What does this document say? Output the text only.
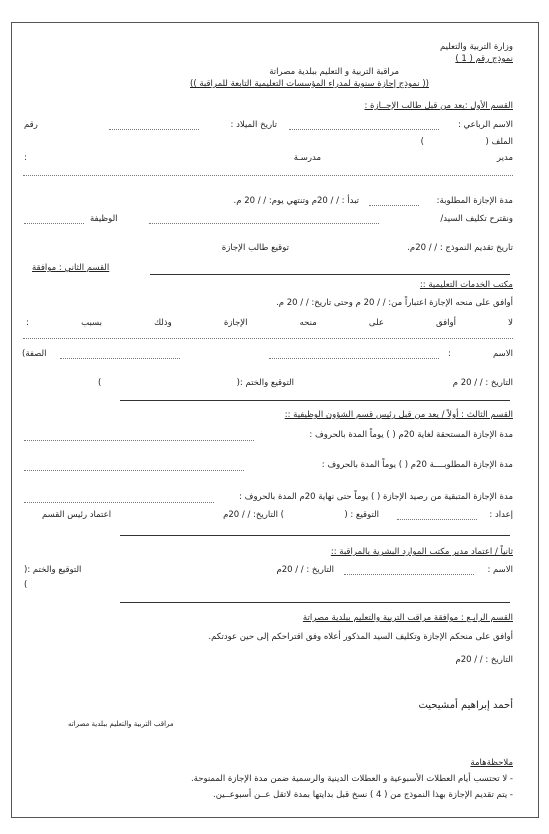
وزارة التربية والتعليم
نموذج رقم ( 1 )
مراقبة التربية و التعليم ببلدية مصراتة
(( نموذج إجازة سنوية لمدراء المؤسسات التعليمية التابعة للمراقبة ))
القسم الأول :يعد من قبل طالب الإجــازة :
الاسم الرباعي :
تاريخ الميلاد :
رقم
الملف (
)
مدير
مدرسـة
:
مدة الإجازة المطلوبة:
تبدأ : / / 20م وتنتهي يوم: / / 20 م.
ونقترح تكليف السيد/
الوظيفة
تاريخ تقديم النموذج : / / 20م.
توقيع طالب الإجازة
القسم الثاني : موافقة
مكتب الخدمات التعليمية ::
أوافق على منحه الإجازة اعتباراً من: / / 20 م وحتى تاريخ: / / 20 م.
لا
أوافق
على
منحه
الإجازة
وذلك
بسبب
:
الاسم
:
الصفة)
التاريخ : / / 20 م
التوقيع والختم :(
)
القسم الثالث : أولاً / يعد من قبل رئيس قسم الشؤون الوظيفية ::
مدة الإجازة المستحقة لغاية 20م ( ) يوماً المدة بالحروف :
مدة الإجازة المطلوبــــة 20م ( ) يوماً المدة بالحروف :
مدة الإجازة المتبقية من رصيد الإجازة ( ) يوماً حتى نهاية 20م المدة بالحروف :
إعداد :
التوقيع : (
) التاريخ: / / 20م
اعتماد رئيس القسم
ثانياً / اعتماد مدير مكتب الموارد البشرية بالمراقبة ::
الاسم :
التاريخ : / / 20م
التوقيع والختم :(
)
القسم الرابـع : موافقة مراقب التربية والتعليم ببلدية مصراتة
أوافق على منحكم الإجازة وتكليف السيد المذكور أعلاه وفق اقتراحكم إلى حين عودتكم.
التاريخ : / / 20م
أحمد إبراهيم أمشيحيت
مراقب التربية والتعليم ببلدية مصراته
ملاحظةهامة
- لا تحتسب أيام العطلات الأسبوعية و العطلات الدينية والرسمية ضمن مدة الإجازة الممنوحة.
- يتم تقديم الإجازة بهذا النموذج من ( 4 ) نسخ قبل بدايتها بمدة لاتقل عــن أسبوعــين.
